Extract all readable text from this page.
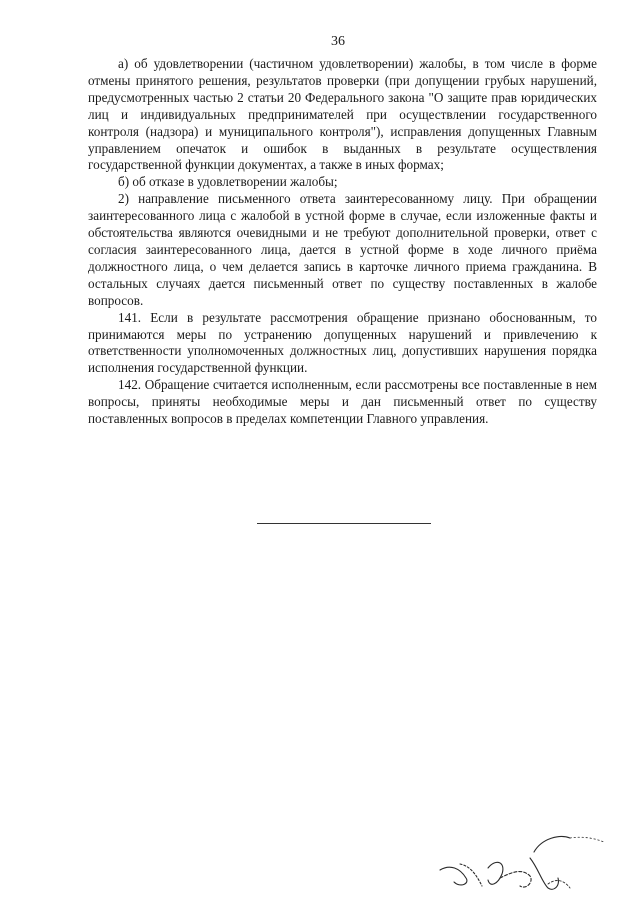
36

а) об удовлетворении (частичном удовлетворении) жалобы, в том числе в форме отмены принятого решения, результатов проверки (при допущении грубых нарушений, предусмотренных частью 2 статьи 20 Федерального закона "О защите прав юридических лиц и индивидуальных предпринимателей при осуществлении государственного контроля (надзора) и муниципального контроля"), исправления допущенных Главным управлением опечаток и ошибок в выданных в результате осуществления государственной функции документах, а также в иных формах;

б) об отказе в удовлетворении жалобы;

2) направление письменного ответа заинтересованному лицу. При обращении заинтересованного лица с жалобой в устной форме в случае, если изложенные факты и обстоятельства являются очевидными и не требуют дополнительной проверки, ответ с согласия заинтересованного лица, дается в устной форме в ходе личного приёма должностного лица, о чем делается запись в карточке личного приема гражданина. В остальных случаях дается письменный ответ по существу поставленных в жалобе вопросов.

141. Если в результате рассмотрения обращение признано обоснованным, то принимаются меры по устранению допущенных нарушений и привлечению к ответственности уполномоченных должностных лиц, допустивших нарушения порядка исполнения государственной функции.

142. Обращение считается исполненным, если рассмотрены все поставленные в нем вопросы, приняты необходимые меры и дан письменный ответ по существу поставленных вопросов в пределах компетенции Главного управления.
